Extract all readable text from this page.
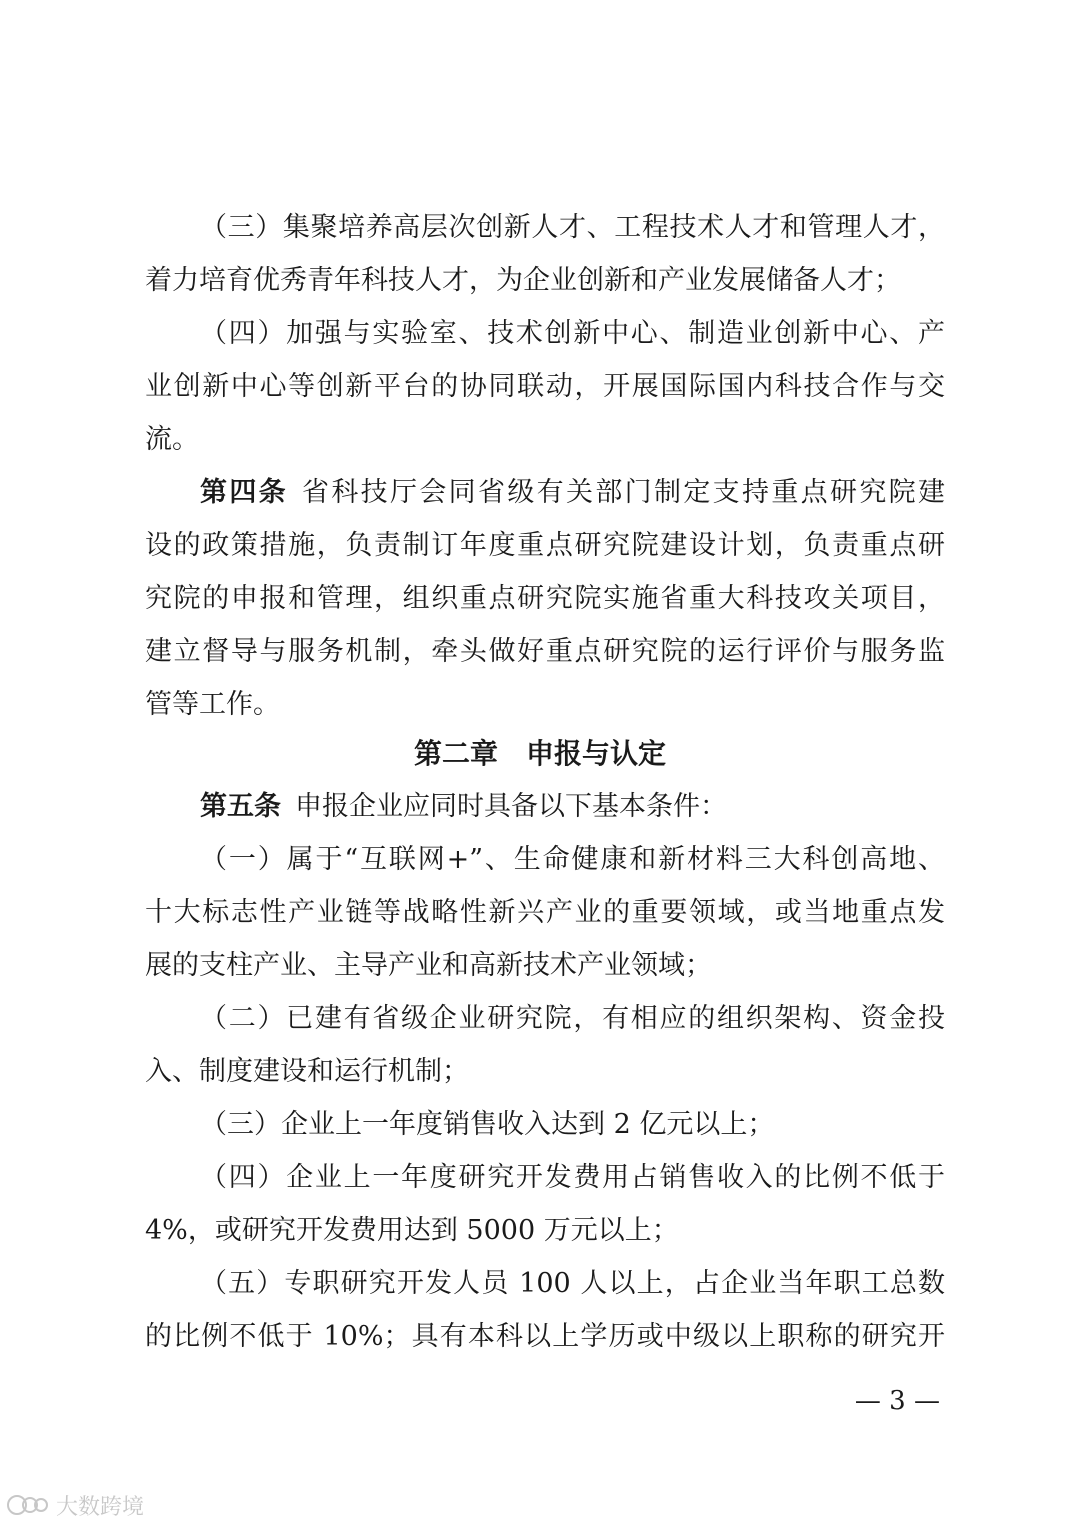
（三）集聚培养高层次创新人才、工程技术人才和管理人才，
着力培育优秀青年科技人才，为企业创新和产业发展储备人才；
（四）加强与实验室、技术创新中心、制造业创新中心、产
业创新中心等创新平台的协同联动，开展国际国内科技合作与交
流。
第四条 省科技厅会同省级有关部门制定支持重点研究院建
设的政策措施，负责制订年度重点研究院建设计划，负责重点研
究院的申报和管理，组织重点研究院实施省重大科技攻关项目，
建立督导与服务机制，牵头做好重点研究院的运行评价与服务监
管等工作。
第二章　申报与认定
第五条 申报企业应同时具备以下基本条件：
（一）属于“互联网+”、生命健康和新材料三大科创高地、
十大标志性产业链等战略性新兴产业的重要领域，或当地重点发
展的支柱产业、主导产业和高新技术产业领域；
（二）已建有省级企业研究院，有相应的组织架构、资金投
入、制度建设和运行机制；
（三）企业上一年度销售收入达到 2 亿元以上；
（四）企业上一年度研究开发费用占销售收入的比例不低于
4%，或研究开发费用达到 5000 万元以上；
（五）专职研究开发人员 100 人以上，占企业当年职工总数
的比例不低于 10%；具有本科以上学历或中级以上职称的研究开
— 3 —
大数跨境
